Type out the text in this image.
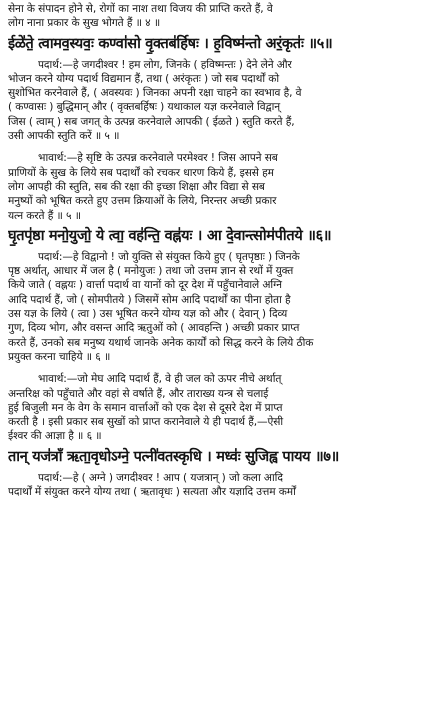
सेना के संपादन होने से, रोगों का नाश तथा विजय की प्राप्ति करते हैं, वे
लोग नाना प्रकार के सुख भोगते हैं ॥ ४ ॥
ईळे॑ते॒ त्वामव॒स्यवः॒ कण्वा॑सो वृ॒क्तब॑र्हिषः । ह॒विष्म॑न्तो अरं॒कृतः॑ ॥५॥
पदार्थ:—हे जगदीश्वर ! हम लोग, जिनके ( हविष्मन्तः ) देने लेने और
भोजन करने योग्य पदार्थ विद्यमान हैं, तथा ( अरंकृतः ) जो सब पदार्थों को
सुशोभित करनेवाले हैं, ( अवस्यवः ) जिनका अपनी रक्षा चाहने का स्वभाव है, वे
( कण्वासः ) बुद्धिमान् और ( वृक्तबर्हिषः ) यथाकाल यज्ञ करनेवाले विद्वान्
जिस ( त्वाम् ) सब जगत् के उत्पन्न करनेवाले आपकी ( ईळते ) स्तुति करते हैं,
उसी आपकी स्तुति करें ॥ ५ ॥
भावार्थ:—हे सृष्टि के उत्पन्न करनेवाले परमेश्वर ! जिस आपने सब
प्राणियों के सुख के लिये सब पदार्थों को रचकर धारण किये हैं, इससे हम
लोग आपही की स्तुति, सब की रक्षा की इच्छा शिक्षा और विद्या से सब
मनुष्यों को भूषित करते हुए उत्तम क्रियाओं के लिये, निरन्तर अच्छी प्रकार
यत्न करते हैं ॥ ५ ॥
घृ॒तपृ॑ष्ठा मनो॒युजो॒ ये त्वा॒ वह॑न्ति॒ वह्न॑यः । आ दे॒वान्त्सोम॑पीतये ॥६॥
पदार्थ:—हे विद्वानो ! जो युक्ति से संयुक्त किये हुए ( घृतपृष्ठाः ) जिनके
पृष्ठ अर्थात्, आधार में जल है ( मनोयुजः ) तथा जो उत्तम ज्ञान से रथों में युक्त
किये जाते ( वह्नयः ) वार्त्ता पदार्थ वा यानों को दूर देश में पहुँचानेवाले अग्नि
आदि पदार्थ हैं, जो ( सोमपीतये ) जिसमें सोम आदि पदार्थों का पीना होता है
उस यज्ञ के लिये ( त्वा ) उस भूषित करने योग्य यज्ञ को और ( देवान् ) दिव्य
गुण, दिव्य भोग, और वसन्त आदि ऋतुओं को ( आवहन्ति ) अच्छी प्रकार प्राप्त
करते हैं, उनको सब मनुष्य यथार्थ जानके अनेक कार्यों को सिद्ध करने के लिये ठीक
प्रयुक्त करना चाहिये ॥ ६ ॥
भावार्थ:—जो मेघ आदि पदार्थ हैं, वे ही जल को ऊपर नीचे अर्थात्
अन्तरिक्ष को पहुँचाते और वहां से वर्षाते हैं, और ताराख्य यन्त्र से चलाई
हुई बिजुली मन के वेग के समान वार्त्ताओं को एक देश से दूसरे देश में प्राप्त
करती है । इसी प्रकार सब सुखों को प्राप्त करानेवाले ये ही पदार्थ हैं,—ऐसी
ईश्वर की आज्ञा है ॥ ६ ॥
तान् यज॑त्राँ ऋता॒वृधोऽग्ने॒ पत्नी॑वतस्कृधि । मध्वः॑ सुजिह्व पायय ॥७॥
पदार्थ:—हे ( अग्ने ) जगदीश्वर ! आप ( यजत्रान् ) जो कला आदि
पदार्थों में संयुक्त करने योग्य तथा ( ऋतावृधः ) सत्यता और यज्ञादि उत्तम कर्मों
